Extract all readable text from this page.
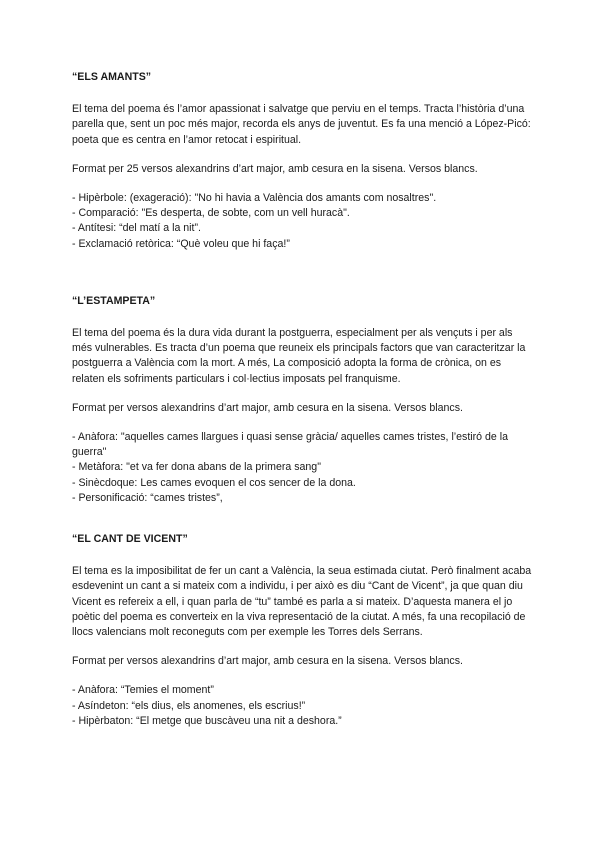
“ELS AMANTS”

El tema del poema és l’amor apassionat i salvatge que perviu en el temps. Tracta l’història d’una parella que, sent un poc més major, recorda els anys de juventut. Es fa una menció a López-Picó: poeta que es centra en l’amor retocat i espiritual.

Format per 25 versos alexandrins d’art major, amb cesura en la sisena. Versos blancs.

- Hipèrbole: (exageració): "No hi havia a València dos amants com nosaltres".
- Comparació: "Es desperta, de sobte, com un vell huracà".
- Antítesi: “del matí a la nit”.
- Exclamació retòrica: “Què voleu que hi faça!”

“L’ESTAMPETA”

El tema del poema és la dura vida durant la postguerra, especialment per als vençuts i per als més vulnerables. Es tracta d’un poema que reuneix els principals factors que van caracteritzar la postguerra a València com la mort. A més, La composició adopta la forma de crònica, on es relaten els sofriments particulars i col·lectius imposats pel franquisme.

Format per versos alexandrins d’art major, amb cesura en la sisena. Versos blancs.

- Anàfora: "aquelles cames llargues i quasi sense gràcia/ aquelles cames tristes, l’estiró de la guerra"
- Metàfora: "et va fer dona abans de la primera sang"
- Sinècdoque: Les cames evoquen el cos sencer de la dona.
- Personificació: “cames tristes”,

“EL CANT DE VICENT”

El tema es la imposibilitat de fer un cant a València, la seua estimada ciutat. Però finalment acaba esdevenint un cant a si mateix com a individu, i per això es diu “Cant de Vicent”, ja que quan diu Vicent es refereix a ell, i quan parla de “tu” també es parla a si mateix. D’aquesta manera el jo poètic del poema es converteix en la viva representació de la ciutat. A més, fa una recopilació de llocs valencians molt reconeguts com per exemple les Torres dels Serrans.

Format per versos alexandrins d’art major, amb cesura en la sisena. Versos blancs.

- Anàfora: “Temies el moment”
- Asíndeton: “els dius, els anomenes, els escrius!”
- Hipèrbaton: “El metge que buscàveu una nit a deshora.”
